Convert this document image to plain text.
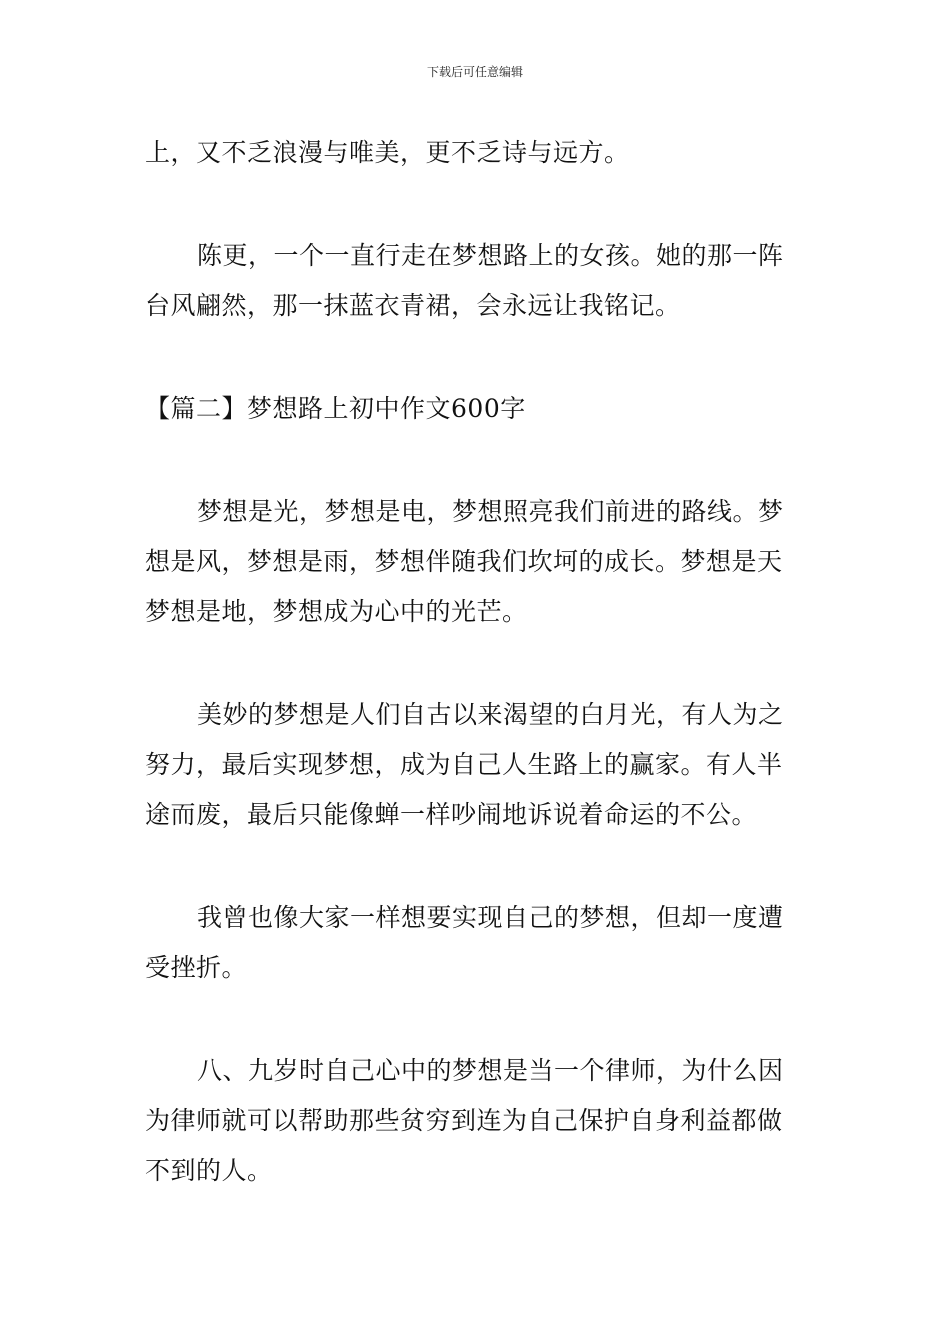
下载后可任意编辑
上，又不乏浪漫与唯美，更不乏诗与远方。
陈更，一个一直行走在梦想路上的女孩。她的那一阵
台风翩然，那一抹蓝衣青裙，会永远让我铭记。
【篇二】梦想路上初中作文600字
梦想是光，梦想是电，梦想照亮我们前进的路线。梦
想是风，梦想是雨，梦想伴随我们坎坷的成长。梦想是天
梦想是地，梦想成为心中的光芒。
美妙的梦想是人们自古以来渴望的白月光，有人为之
努力，最后实现梦想，成为自己人生路上的赢家。有人半
途而废，最后只能像蝉一样吵闹地诉说着命运的不公。
我曾也像大家一样想要实现自己的梦想，但却一度遭
受挫折。
八、九岁时自己心中的梦想是当一个律师，为什么因
为律师就可以帮助那些贫穷到连为自己保护自身利益都做
不到的人。
